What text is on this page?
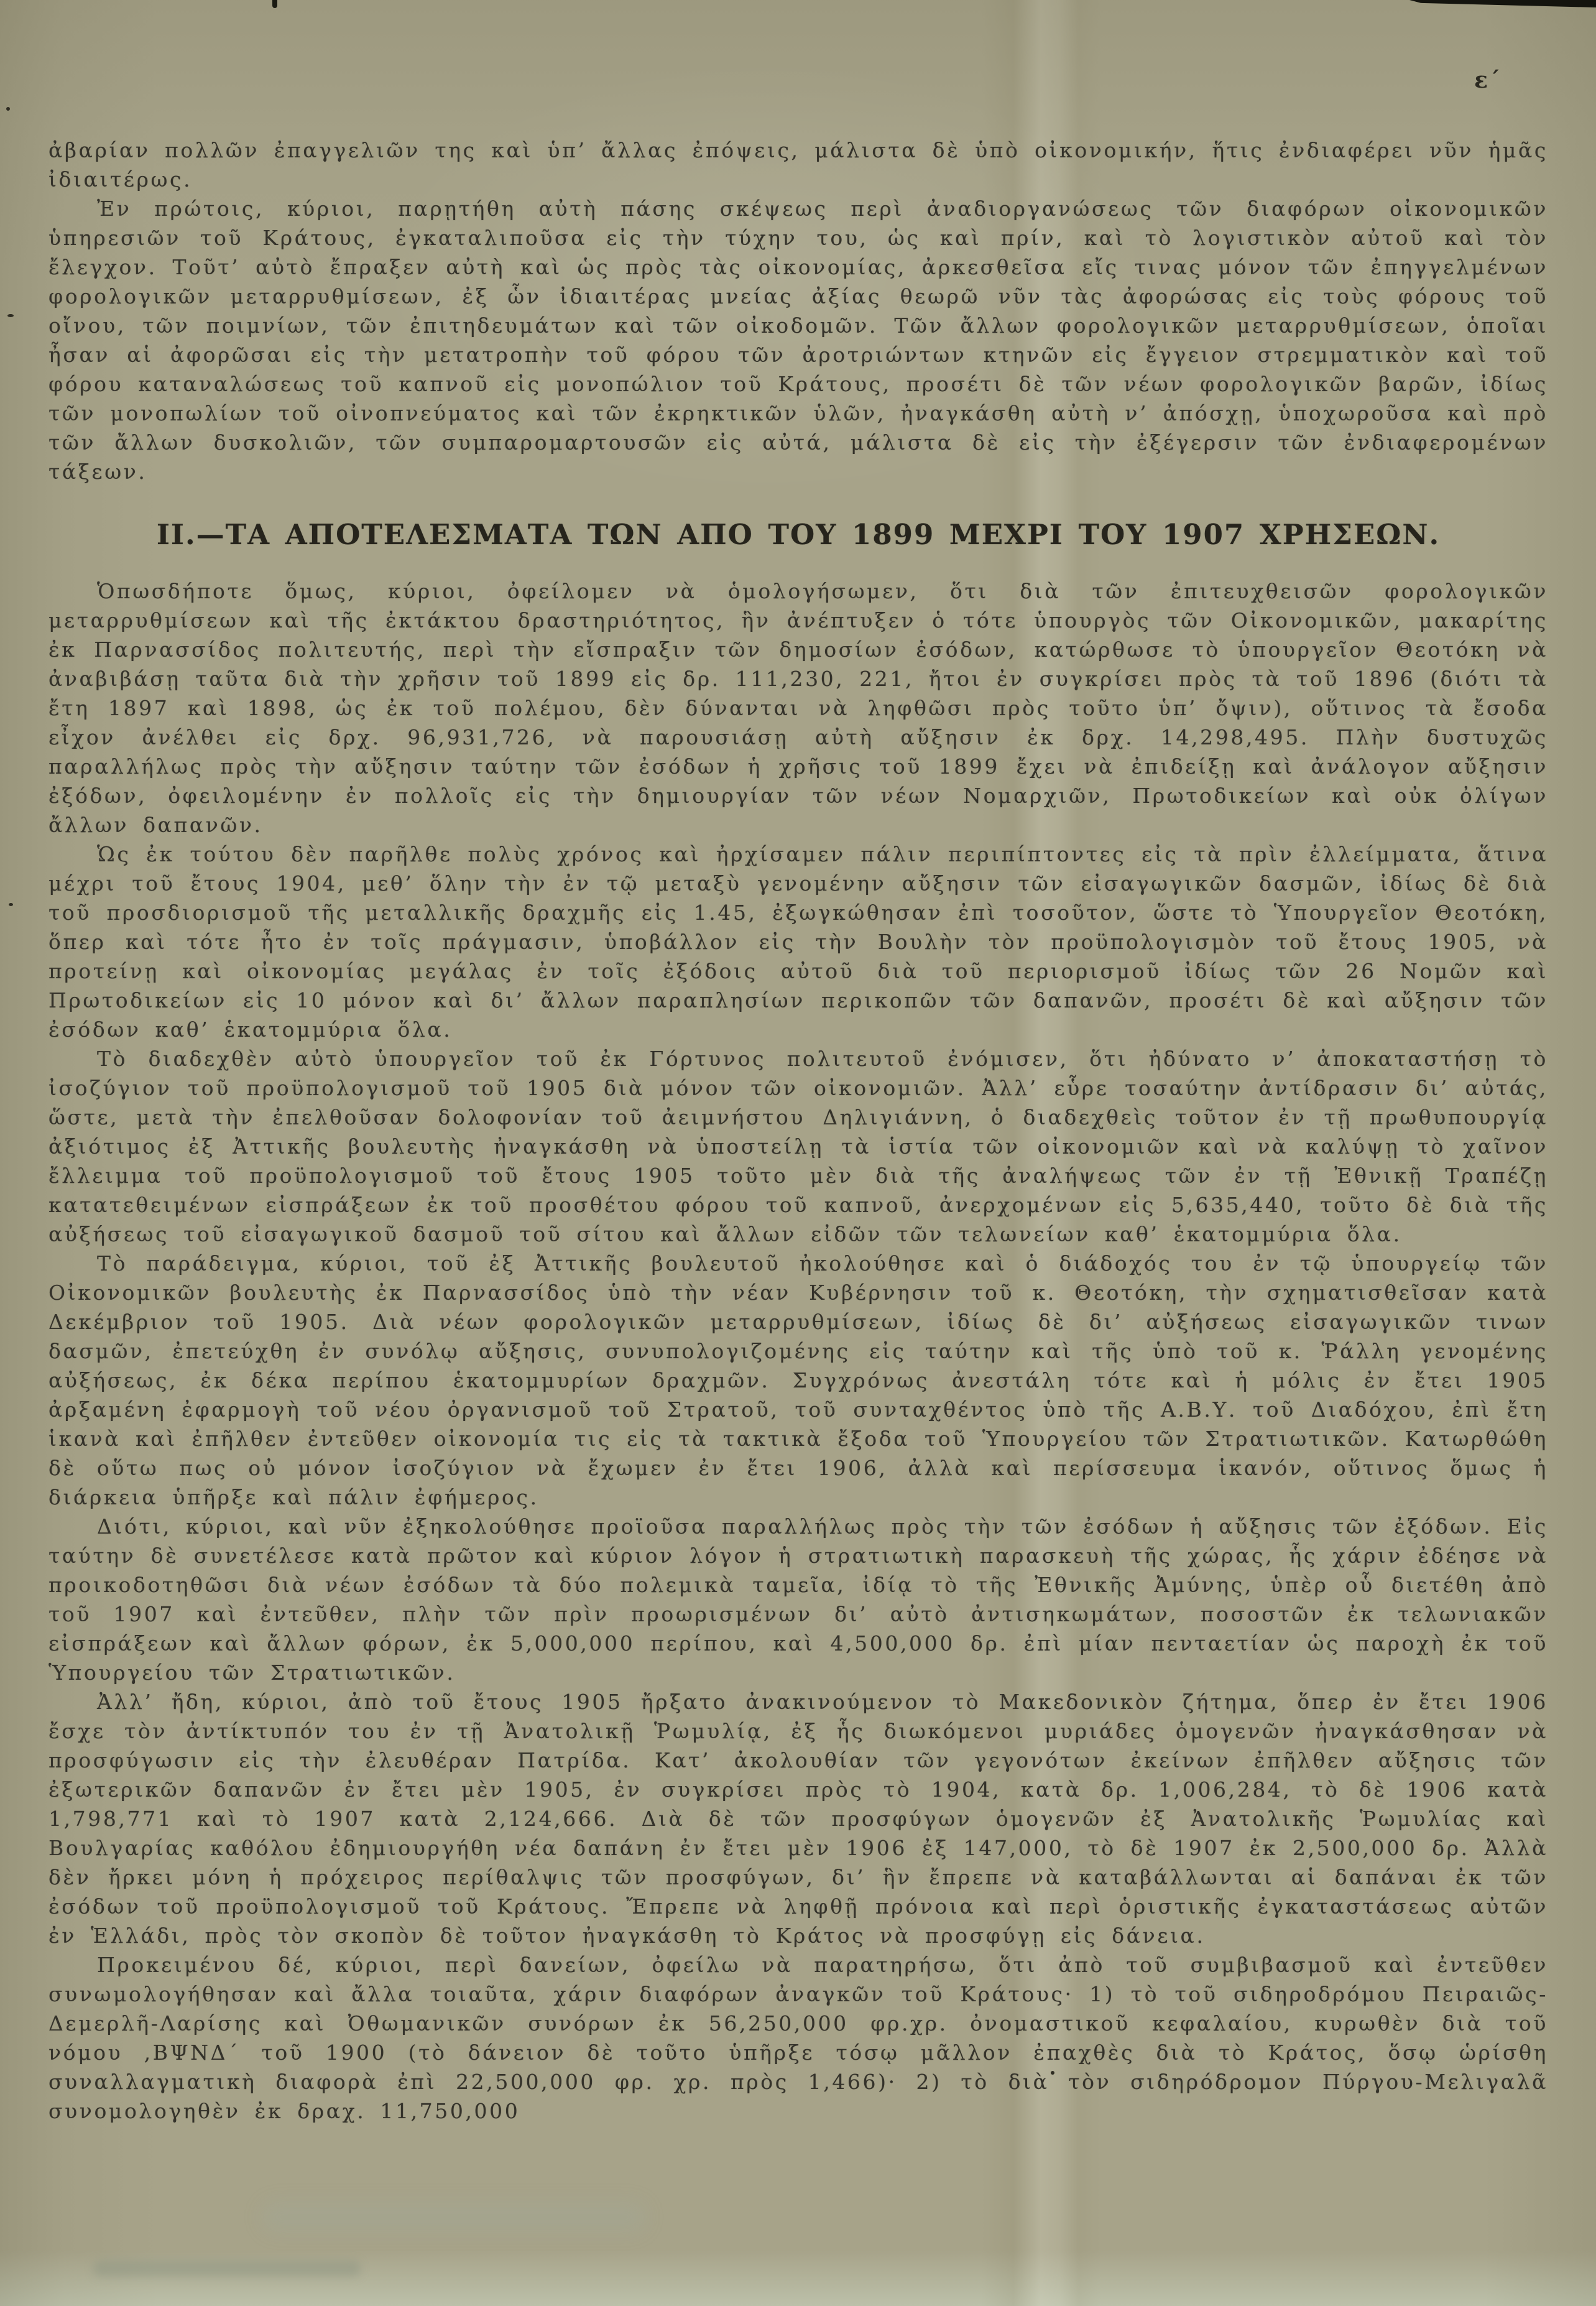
ε´

ἀβαρίαν πολλῶν ἐπαγγελιῶν της καὶ ὑπ’ ἄλλας ἐπόψεις, μάλιστα δὲ ὑπὸ οἰκονομικήν, ἥτις ἐνδιαφέρει νῦν ἡμᾶς ἰδιαιτέρως.

Ἐν πρώτοις, κύριοι, παρῃτήθη αὐτὴ πάσης σκέψεως περὶ ἀναδιοργανώσεως τῶν διαφόρων οἰκονομικῶν ὑπηρεσιῶν τοῦ Κράτους, ἐγκαταλιποῦσα εἰς τὴν τύχην του, ὡς καὶ πρίν, καὶ τὸ λογιστικὸν αὐτοῦ καὶ τὸν ἔλεγχον. Τοῦτ’ αὐτὸ ἔπραξεν αὐτὴ καὶ ὡς πρὸς τὰς οἰκονομίας, ἀρκεσθεῖσα εἴς τινας μόνον τῶν ἐπηγγελμένων φορολογικῶν μεταρρυθμίσεων, ἐξ ὧν ἰδιαιτέρας μνείας ἀξίας θεωρῶ νῦν τὰς ἀφορώσας εἰς τοὺς φόρους τοῦ οἴνου, τῶν ποιμνίων, τῶν ἐπιτηδευμάτων καὶ τῶν οἰκοδομῶν. Τῶν ἄλλων φορολογικῶν μεταρρυθμίσεων, ὁποῖαι ἦσαν αἱ ἀφορῶσαι εἰς τὴν μετατροπὴν τοῦ φόρου τῶν ἀροτριώντων κτηνῶν εἰς ἔγγειον στρεμματικὸν καὶ τοῦ φόρου καταναλώσεως τοῦ καπνοῦ εἰς μονοπώλιον τοῦ Κράτους, προσέτι δὲ τῶν νέων φορολογικῶν βαρῶν, ἰδίως τῶν μονοπωλίων τοῦ οἰνοπνεύματος καὶ τῶν ἐκρηκτικῶν ὑλῶν, ἠναγκάσθη αὐτὴ ν’ ἀπόσχῃ, ὑποχωροῦσα καὶ πρὸ τῶν ἄλλων δυσκολιῶν, τῶν συμπαρομαρτουσῶν εἰς αὐτά, μάλιστα δὲ εἰς τὴν ἐξέγερσιν τῶν ἐνδιαφερομένων τάξεων.

ΙΙ.—ΤΑ ΑΠΟΤΕΛΕΣΜΑΤΑ ΤΩΝ ΑΠΟ ΤΟΥ 1899 ΜΕΧΡΙ ΤΟΥ 1907 ΧΡΗΣΕΩΝ.

Ὁπωσδήποτε ὅμως, κύριοι, ὀφείλομεν νὰ ὁμολογήσωμεν, ὅτι διὰ τῶν ἐπιτευχθεισῶν φορολογικῶν μεταρρυθμίσεων καὶ τῆς ἐκτάκτου δραστηριότητος, ἣν ἀνέπτυξεν ὁ τότε ὑπουργὸς τῶν Οἰκονομικῶν, μακαρίτης ἐκ Παρνασσίδος πολιτευτής, περὶ τὴν εἴσπραξιν τῶν δημοσίων ἐσόδων, κατώρθωσε τὸ ὑπουργεῖον Θεοτόκη νὰ ἀναβιβάσῃ ταῦτα διὰ τὴν χρῆσιν τοῦ 1899 εἰς δρ. 111,230, 221, ἤτοι ἐν συγκρίσει πρὸς τὰ τοῦ 1896 (διότι τὰ ἔτη 1897 καὶ 1898, ὡς ἐκ τοῦ πολέμου, δὲν δύνανται νὰ ληφθῶσι πρὸς τοῦτο ὑπ’ ὄψιν), οὕτινος τὰ ἔσοδα εἶχον ἀνέλθει εἰς δρχ. 96,931,726, νὰ παρουσιάσῃ αὐτὴ αὔξησιν ἐκ δρχ. 14,298,495. Πλὴν δυστυχῶς παραλλήλως πρὸς τὴν αὔξησιν ταύτην τῶν ἐσόδων ἡ χρῆσις τοῦ 1899 ἔχει νὰ ἐπιδείξῃ καὶ ἀνάλογον αὔξησιν ἐξόδων, ὀφειλομένην ἐν πολλοῖς εἰς τὴν δημιουργίαν τῶν νέων Νομαρχιῶν, Πρωτοδικείων καὶ οὐκ ὀλίγων ἄλλων δαπανῶν.

Ὡς ἐκ τούτου δὲν παρῆλθε πολὺς χρόνος καὶ ἠρχίσαμεν πάλιν περιπίπτοντες εἰς τὰ πρὶν ἐλλείμματα, ἅτινα μέχρι τοῦ ἔτους 1904, μεθ’ ὅλην τὴν ἐν τῷ μεταξὺ γενομένην αὔξησιν τῶν εἰσαγωγικῶν δασμῶν, ἰδίως δὲ διὰ τοῦ προσδιορισμοῦ τῆς μεταλλικῆς δραχμῆς εἰς 1.45, ἐξωγκώθησαν ἐπὶ τοσοῦτον, ὥστε τὸ Ὑπουργεῖον Θεοτόκη, ὅπερ καὶ τότε ἦτο ἐν τοῖς πράγμασιν, ὑποβάλλον εἰς τὴν Βουλὴν τὸν προϋπολογισμὸν τοῦ ἔτους 1905, νὰ προτείνῃ καὶ οἰκονομίας μεγάλας ἐν τοῖς ἐξόδοις αὐτοῦ διὰ τοῦ περιορισμοῦ ἰδίως τῶν 26 Νομῶν καὶ Πρωτοδικείων εἰς 10 μόνον καὶ δι’ ἄλλων παραπλησίων περικοπῶν τῶν δαπανῶν, προσέτι δὲ καὶ αὔξησιν τῶν ἐσόδων καθ’ ἑκατομμύρια ὅλα.

Τὸ διαδεχθὲν αὐτὸ ὑπουργεῖον τοῦ ἐκ Γόρτυνος πολιτευτοῦ ἐνόμισεν, ὅτι ἠδύνατο ν’ ἀποκαταστήσῃ τὸ ἰσοζύγιον τοῦ προϋπολογισμοῦ τοῦ 1905 διὰ μόνον τῶν οἰκονομιῶν. Ἀλλ’ εὗρε τοσαύτην ἀντίδρασιν δι’ αὐτάς, ὥστε, μετὰ τὴν ἐπελθοῦσαν δολοφονίαν τοῦ ἀειμνήστου Δηλιγιάννη, ὁ διαδεχθεὶς τοῦτον ἐν τῇ πρωθυπουργίᾳ ἀξιότιμος ἐξ Ἀττικῆς βουλευτὴς ἠναγκάσθη νὰ ὑποστείλῃ τὰ ἱστία τῶν οἰκονομιῶν καὶ νὰ καλύψῃ τὸ χαῖνον ἔλλειμμα τοῦ προϋπολογισμοῦ τοῦ ἔτους 1905 τοῦτο μὲν διὰ τῆς ἀναλήψεως τῶν ἐν τῇ Ἐθνικῇ Τραπέζῃ κατατεθειμένων εἰσπράξεων ἐκ τοῦ προσθέτου φόρου τοῦ καπνοῦ, ἀνερχομένων εἰς 5,635,440, τοῦτο δὲ διὰ τῆς αὐξήσεως τοῦ εἰσαγωγικοῦ δασμοῦ τοῦ σίτου καὶ ἄλλων εἰδῶν τῶν τελωνείων καθ’ ἑκατομμύρια ὅλα.

Τὸ παράδειγμα, κύριοι, τοῦ ἐξ Ἀττικῆς βουλευτοῦ ἠκολούθησε καὶ ὁ διάδοχός του ἐν τῷ ὑπουργείῳ τῶν Οἰκονομικῶν βουλευτὴς ἐκ Παρνασσίδος ὑπὸ τὴν νέαν Κυβέρνησιν τοῦ κ. Θεοτόκη, τὴν σχηματισθεῖσαν κατὰ Δεκέμβριον τοῦ 1905. Διὰ νέων φορολογικῶν μεταρρυθμίσεων, ἰδίως δὲ δι’ αὐξήσεως εἰσαγωγικῶν τινων δασμῶν, ἐπετεύχθη ἐν συνόλῳ αὔξησις, συνυπολογιζομένης εἰς ταύτην καὶ τῆς ὑπὸ τοῦ κ. Ῥάλλη γενομένης αὐξήσεως, ἐκ δέκα περίπου ἑκατομμυρίων δραχμῶν. Συγχρόνως ἀνεστάλη τότε καὶ ἡ μόλις ἐν ἔτει 1905 ἀρξαμένη ἐφαρμογὴ τοῦ νέου ὀργανισμοῦ τοῦ Στρατοῦ, τοῦ συνταχθέντος ὑπὸ τῆς Α.Β.Υ. τοῦ Διαδόχου, ἐπὶ ἔτη ἱκανὰ καὶ ἐπῆλθεν ἐντεῦθεν οἰκονομία τις εἰς τὰ τακτικὰ ἔξοδα τοῦ Ὑπουργείου τῶν Στρατιωτικῶν. Κατωρθώθη δὲ οὕτω πως οὐ μόνον ἰσοζύγιον νὰ ἔχωμεν ἐν ἔτει 1906, ἀλλὰ καὶ περίσσευμα ἱκανόν, οὕτινος ὅμως ἡ διάρκεια ὑπῆρξε καὶ πάλιν ἐφήμερος.

Διότι, κύριοι, καὶ νῦν ἐξηκολούθησε προϊοῦσα παραλλήλως πρὸς τὴν τῶν ἐσόδων ἡ αὔξησις τῶν ἐξόδων. Εἰς ταύτην δὲ συνετέλεσε κατὰ πρῶτον καὶ κύριον λόγον ἡ στρατιωτικὴ παρασκευὴ τῆς χώρας, ἧς χάριν ἐδέησε νὰ προικοδοτηθῶσι διὰ νέων ἐσόδων τὰ δύο πολεμικὰ ταμεῖα, ἰδίᾳ τὸ τῆς Ἐθνικῆς Ἀμύνης, ὑπὲρ οὗ διετέθη ἀπὸ τοῦ 1907 καὶ ἐντεῦθεν, πλὴν τῶν πρὶν προωρισμένων δι’ αὐτὸ ἀντισηκωμάτων, ποσοστῶν ἐκ τελωνιακῶν εἰσπράξεων καὶ ἄλλων φόρων, ἐκ 5,000,000 περίπου, καὶ 4,500,000 δρ. ἐπὶ μίαν πενταετίαν ὡς παροχὴ ἐκ τοῦ Ὑπουργείου τῶν Στρατιωτικῶν.

Ἀλλ’ ἤδη, κύριοι, ἀπὸ τοῦ ἔτους 1905 ἤρξατο ἀνακινούμενον τὸ Μακεδονικὸν ζήτημα, ὅπερ ἐν ἔτει 1906 ἔσχε τὸν ἀντίκτυπόν του ἐν τῇ Ἀνατολικῇ Ῥωμυλίᾳ, ἐξ ἧς διωκόμενοι μυριάδες ὁμογενῶν ἠναγκάσθησαν νὰ προσφύγωσιν εἰς τὴν ἐλευθέραν Πατρίδα. Κατ’ ἀκολουθίαν τῶν γεγονότων ἐκείνων ἐπῆλθεν αὔξησις τῶν ἐξωτερικῶν δαπανῶν ἐν ἔτει μὲν 1905, ἐν συγκρίσει πρὸς τὸ 1904, κατὰ δρ. 1,006,284, τὸ δὲ 1906 κατὰ 1,798,771 καὶ τὸ 1907 κατὰ 2,124,666. Διὰ δὲ τῶν προσφύγων ὁμογενῶν ἐξ Ἀνατολικῆς Ῥωμυλίας καὶ Βουλγαρίας καθόλου ἐδημιουργήθη νέα δαπάνη ἐν ἔτει μὲν 1906 ἐξ 147,000, τὸ δὲ 1907 ἐκ 2,500,000 δρ. Ἀλλὰ δὲν ἤρκει μόνη ἡ πρόχειρος περίθαλψις τῶν προσφύγων, δι’ ἣν ἔπρεπε νὰ καταβάλλωνται αἱ δαπάναι ἐκ τῶν ἐσόδων τοῦ προϋπολογισμοῦ τοῦ Κράτους. Ἔπρεπε νὰ ληφθῇ πρόνοια καὶ περὶ ὁριστικῆς ἐγκαταστάσεως αὐτῶν ἐν Ἑλλάδι, πρὸς τὸν σκοπὸν δὲ τοῦτον ἠναγκάσθη τὸ Κράτος νὰ προσφύγῃ εἰς δάνεια.

Προκειμένου δέ, κύριοι, περὶ δανείων, ὀφείλω νὰ παρατηρήσω, ὅτι ἀπὸ τοῦ συμβιβασμοῦ καὶ ἐντεῦθεν συνωμολογήθησαν καὶ ἄλλα τοιαῦτα, χάριν διαφόρων ἀναγκῶν τοῦ Κράτους· 1) τὸ τοῦ σιδηροδρόμου Πειραιῶς-Δεμερλῆ-Λαρίσης καὶ Ὀθωμανικῶν συνόρων ἐκ 56,250,000 φρ.χρ. ὀνομαστικοῦ κεφαλαίου, κυρωθὲν διὰ τοῦ νόμου ,ΒΨΝΔ´ τοῦ 1900 (τὸ δάνειον δὲ τοῦτο ὑπῆρξε τόσῳ μᾶλλον ἐπαχθὲς διὰ τὸ Κράτος, ὅσῳ ὡρίσθη συναλλαγματικὴ διαφορὰ ἐπὶ 22,500,000 φρ. χρ. πρὸς 1,466)· 2) τὸ διὰ τὸν σιδηρόδρομον Πύργου-Μελιγαλᾶ συνομολογηθὲν ἐκ δραχ. 11,750,000
